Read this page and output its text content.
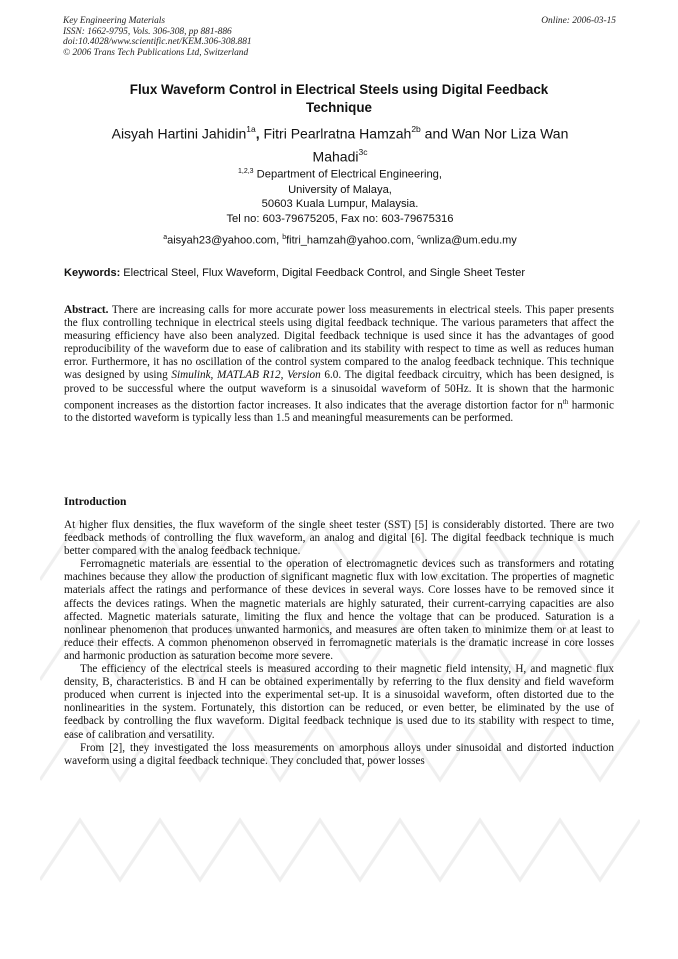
Key Engineering Materials
ISSN: 1662-9795, Vols. 306-308, pp 881-886
doi:10.4028/www.scientific.net/KEM.306-308.881
© 2006 Trans Tech Publications Ltd, Switzerland
Online: 2006-03-15
Flux Waveform Control in Electrical Steels using Digital Feedback
Technique
Aisyah Hartini Jahidin$^{1a}$, Fitri Pearlratna Hamzah$^{2b}$ and Wan Nor Liza Wan
Mahadi$^{3c}$
$^{1,2,3}$ Department of Electrical Engineering,
University of Malaya,
50603 Kuala Lumpur, Malaysia.
Tel no: 603-79675205, Fax no: 603-79675316
$^a$aisyah23@yahoo.com, $^b$fitri_hamzah@yahoo.com, $^c$wnliza@um.edu.my
Keywords: Electrical Steel, Flux Waveform, Digital Feedback Control, and Single Sheet Tester
Abstract. There are increasing calls for more accurate power loss measurements in electrical steels. This paper presents the flux controlling technique in electrical steels using digital feedback technique. The various parameters that affect the measuring efficiency have also been analyzed. Digital feedback technique is used since it has the advantages of good reproducibility of the waveform due to ease of calibration and its stability with respect to time as well as reduces human error. Furthermore, it has no oscillation of the control system compared to the analog feedback technique. This technique was designed by using Simulink, MATLAB R12, Version 6.0. The digital feedback circuitry, which has been designed, is proved to be successful where the output waveform is a sinusoidal waveform of 50Hz. It is shown that the harmonic component increases as the distortion factor increases. It also indicates that the average distortion factor for $n^{th}$ harmonic to the distorted waveform is typically less than 1.5 and meaningful measurements can be performed.
Introduction

At higher flux densities, the flux waveform of the single sheet tester (SST) [5] is considerably distorted. There are two feedback methods of controlling the flux waveform, an analog and digital [6]. The digital feedback technique is much better compared with the analog feedback technique.

Ferromagnetic materials are essential to the operation of electromagnetic devices such as transformers and rotating machines because they allow the production of significant magnetic flux with low excitation. The properties of magnetic materials affect the ratings and performance of these devices in several ways. Core losses have to be removed since it affects the devices ratings. When the magnetic materials are highly saturated, their current-carrying capacities are also affected. Magnetic materials saturate, limiting the flux and hence the voltage that can be produced. Saturation is a nonlinear phenomenon that produces unwanted harmonics, and measures are often taken to minimize them or at least to reduce their effects. A common phenomenon observed in ferromagnetic materials is the dramatic increase in core losses and harmonic production as saturation become more severe.

The efficiency of the electrical steels is measured according to their magnetic field intensity, H, and magnetic flux density, B, characteristics. B and H can be obtained experimentally by referring to the flux density and field waveform produced when current is injected into the experimental set-up. It is a sinusoidal waveform, often distorted due to the nonlinearities in the system. Fortunately, this distortion can be reduced, or even better, be eliminated by the use of feedback by controlling the flux waveform. Digital feedback technique is used due to its stability with respect to time, ease of calibration and versatility.

From [2], they investigated the loss measurements on amorphous alloys under sinusoidal and distorted induction waveform using a digital feedback technique. They concluded that, power losses
